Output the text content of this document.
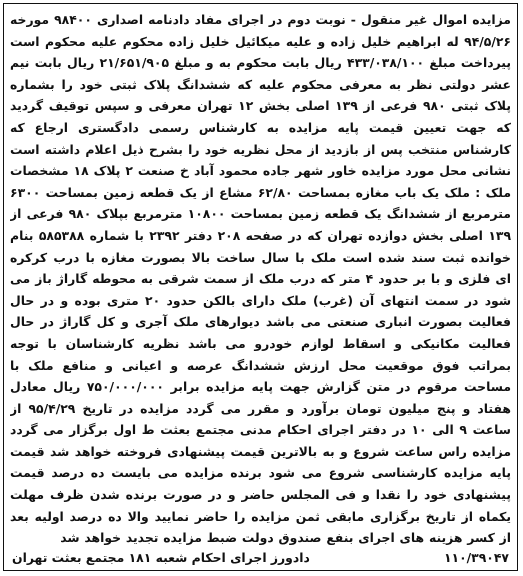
مزایده اموال غیر منقول - نوبت دوم در اجرای مفاد دادنامه اصداری ۹۸۴۰۰ مورخه ۹۴/۵/۲۶ له ابراهیم خلیل زاده و علیه میکائیل خلیل زاده محکوم علیه محکوم است پیرداخت مبلغ ۴۳۳/۰۳۸/۱۰۰ ریال بابت محکوم به و مبلغ ۲۱/۶۵۱/۹۰۵ ریال بابت نیم عشر دولتی نظر به معرفی محکوم علیه که ششدانگ پلاک ثبتی خود را بشماره پلاک ثبتی ۹۸۰ فرعی از ۱۳۹ اصلی بخش ۱۲ تهران معرفی و سپس توقیف گردید که جهت تعیین قیمت پایه مزایده به کارشناس رسمی دادگستری ارجاع که کارشناس منتخب پس از بازدید از محل نظریه خود را بشرح ذیل اعلام داشته است نشانی محل مورد مزایده خاور شهر جاده محمود آباد خ صنعت ۲ پلاک ۱۸ مشخصات ملک : ملک یک باب مغازه بمساحت ۶۲/۸۰ مشاع از یک قطعه زمین بمساحت ۶۳۰۰ مترمربع از ششدانگ یک قطعه زمین بمساحت ۱۰۸۰۰ مترمربع بپلاک ۹۸۰ فرعی از ۱۳۹ اصلی بخش دوازده تهران که در صفحه ۲۰۸ دفتر ۲۳۹۲ با شماره ۵۸۵۳۸۸ بنام خوانده ثبت سند شده است ملک با سال ساخت بالا بصورت مغازه با درب کرکره ای فلزی و با بر حدود ۴ متر که درب ملک از سمت شرقی به محوطه گاراژ باز می شود در سمت انتهای آن (غرب) ملک دارای بالکن حدود ۲۰ متری بوده و در حال فعالیت بصورت انباری صنعتی می باشد دیوارهای ملک آجری و کل گاراژ در حال فعالیت مکانیکی و اسقاط لوازم خودرو می باشد نظریه کارشناسان با توجه بمراتب فوق موقعیت محل ارزش ششدانگ عرصه و اعیانی و منافع ملک با مساحت مرقوم در متن گزارش جهت پایه مزایده برابر ۷۵۰/۰۰۰/۰۰۰ ریال معادل هفتاد و پنج میلیون تومان برآورد و مقرر می گردد مزایده در تاریخ ۹۵/۴/۲۹ از ساعت ۹ الی ۱۰ در دفتر اجرای احکام مدنی مجتمع بعثت ط اول برگزار می گردد مزایده راس ساعت شروع و به بالاترین قیمت پیشنهادی فروخته خواهد شد قیمت پایه مزایده کارشناسی شروع می شود برنده مزایده می بایست ده درصد قیمت پیشنهادی خود را نقدا و فی المجلس حاضر و در صورت برنده شدن ظرف مهلت یکماه از تاریخ برگزاری مابقی ثمن مزایده را حاضر نمایید والا ده درصد اولیه بعد از کسر هزینه های اجرای بنفع صندوق دولت ضبط مزایده تجدید خواهد شد
دادورز اجرای احکام شعبه ۱۸۱ مجتمع بعثت تهران	۱۱۰/۳۹۰۴۷
